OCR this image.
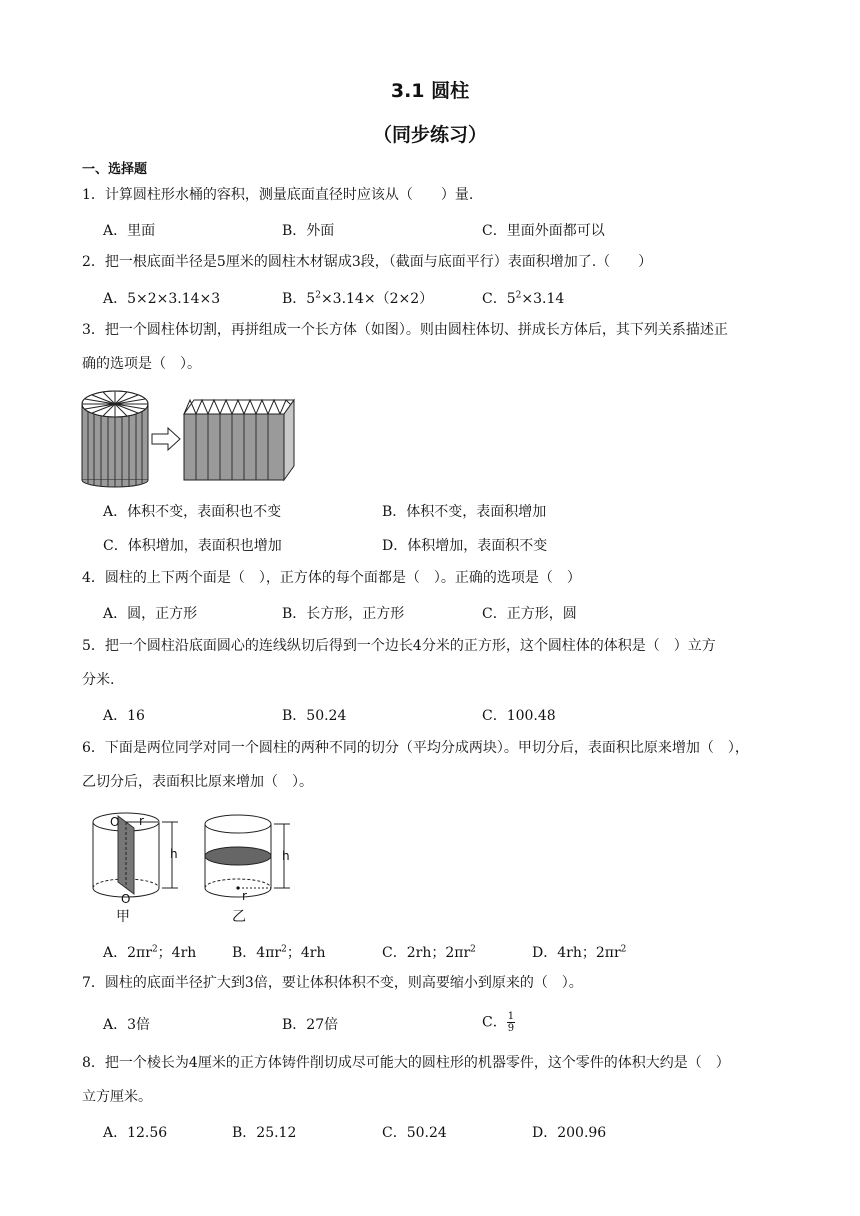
3.1 圆柱
（同步练习）
一、选择题
1．计算圆柱形水桶的容积，测量底面直径时应该从（　　）量.
A．里面	B．外面	C．里面外面都可以
2．把一根底面半径是5厘米的圆柱木材锯成3段，（截面与底面平行）表面积增加了.（　　）
A．5×2×3.14×3	B．$5^2\times 3.14\times(2\times 2)$	C．$5^2\times 3.14$
3．把一个圆柱体切割，再拼组成一个长方体（如图）。则由圆柱体切、拼成长方体后，其下列关系描述正
确的选项是（　）。
A．体积不变，表面积也不变	B．体积不变，表面积增加
C．体积增加，表面积也增加	D．体积增加，表面积不变
4．圆柱的上下两个面是（　），正方体的每个面都是（　）。正确的选项是（　）
A．圆，正方形	B．长方形，正方形	C．正方形，圆
5．把一个圆柱沿底面圆心的连线纵切后得到一个边长4分米的正方形，这个圆柱体的体积是（　）立方
分米.
A．16	B．50.24	C．100.48
6．下面是两位同学对同一个圆柱的两种不同的切分（平均分成两块）。甲切分后，表面积比原来增加（　），
乙切分后，表面积比原来增加（　）。
O r
h
O
甲
h
r
乙
A．$2\pi r^2$；4rh	B．$4\pi r^2$；4rh	C．2rh；$2\pi r^2$	D．4rh；$2\pi r^2$
7．圆柱的底面半径扩大到3倍，要让体积体积不变，则高要缩小到原来的（　）。
A．3倍	B．27倍	C． $\frac{1}{9}$
8．把一个棱长为4厘米的正方体铸件削切成尽可能大的圆柱形的机器零件，这个零件的体积大约是（　）
立方厘米。
A．12.56	B．25.12	C．50.24	D．200.96
